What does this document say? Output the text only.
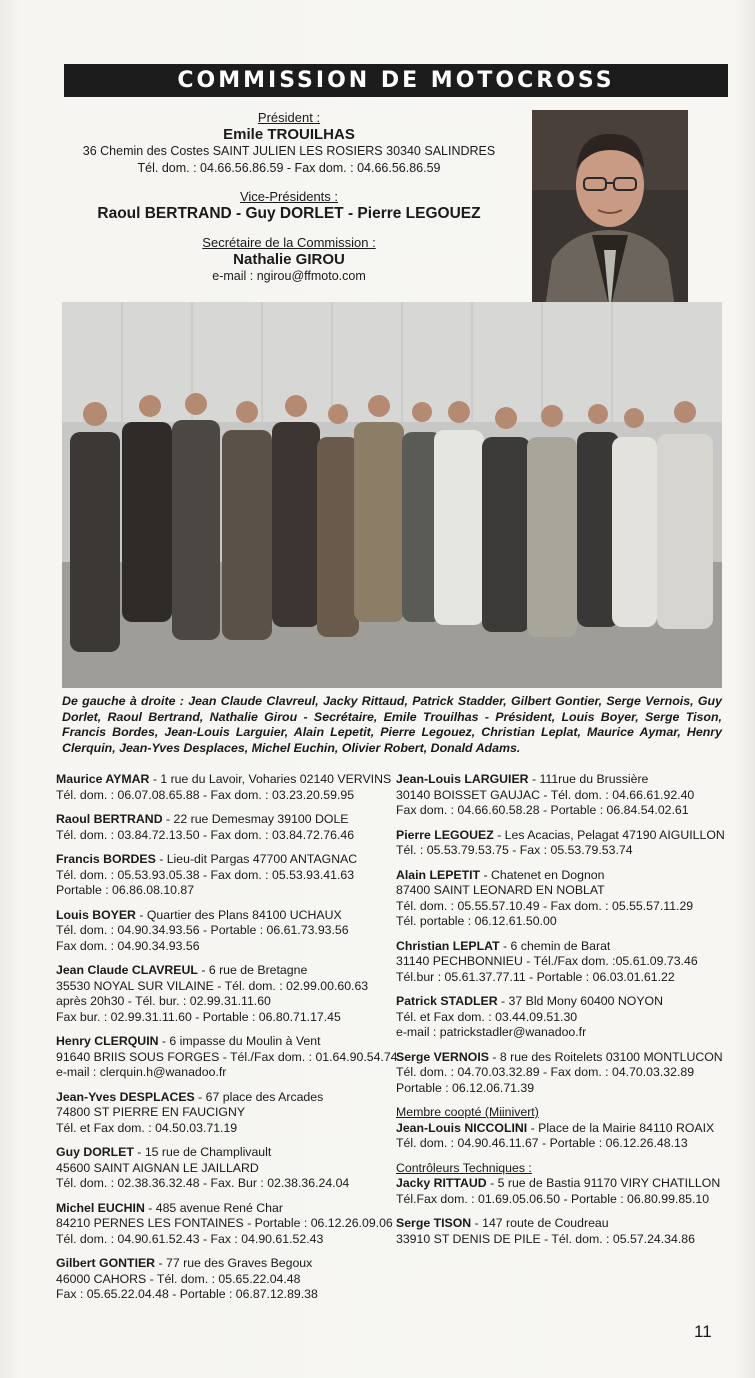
COMMISSION DE MOTOCROSS
Président :
Emile TROUILHAS
36 Chemin des Costes SAINT JULIEN LES ROSIERS 30340 SALINDRES
Tél. dom. : 04.66.56.86.59 - Fax dom. : 04.66.56.86.59
Vice-Présidents :
Raoul BERTRAND - Guy DORLET - Pierre LEGOUEZ
Secrétaire de la Commission :
Nathalie GIROU
e-mail : ngirou@ffmoto.com
De gauche à droite : Jean Claude Clavreul, Jacky Rittaud, Patrick Stadder, Gilbert Gontier, Serge Vernois, Guy Dorlet, Raoul Bertrand, Nathalie Girou - Secrétaire, Emile Trouilhas - Président, Louis Boyer, Serge Tison, Francis Bordes, Jean-Louis Larguier, Alain Lepetit, Pierre Legouez, Christian Leplat, Maurice Aymar, Henry Clerquin, Jean-Yves Desplaces, Michel Euchin, Olivier Robert, Donald Adams.
Maurice AYMAR - 1 rue du Lavoir, Voharies 02140 VERVINS
Tél. dom. : 06.07.08.65.88 - Fax dom. : 03.23.20.59.95
Raoul BERTRAND - 22 rue Demesmay 39100 DOLE
Tél. dom. : 03.84.72.13.50 - Fax dom. : 03.84.72.76.46
Francis BORDES - Lieu-dit Pargas 47700 ANTAGNAC
Tél. dom. : 05.53.93.05.38 - Fax dom. : 05.53.93.41.63
Portable : 06.86.08.10.87
Louis BOYER - Quartier des Plans 84100 UCHAUX
Tél. dom. : 04.90.34.93.56 - Portable : 06.61.73.93.56
Fax dom. : 04.90.34.93.56
Jean Claude CLAVREUL - 6 rue de Bretagne
35530 NOYAL SUR VILAINE - Tél. dom. : 02.99.00.60.63
après 20h30 - Tél. bur. : 02.99.31.11.60
Fax bur. : 02.99.31.11.60 - Portable : 06.80.71.17.45
Henry CLERQUIN - 6 impasse du Moulin à Vent
91640 BRIIS SOUS FORGES - Tél./Fax dom. : 01.64.90.54.74
e-mail : clerquin.h@wanadoo.fr
Jean-Yves DESPLACES - 67 place des Arcades
74800 ST PIERRE EN FAUCIGNY
Tél. et Fax dom. : 04.50.03.71.19
Guy DORLET - 15 rue de Champlivault
45600 SAINT AIGNAN LE JAILLARD
Tél. dom. : 02.38.36.32.48 - Fax. Bur : 02.38.36.24.04
Michel EUCHIN - 485 avenue René Char
84210 PERNES LES FONTAINES - Portable : 06.12.26.09.06
Tél. dom. : 04.90.61.52.43 - Fax : 04.90.61.52.43
Gilbert GONTIER - 77 rue des Graves Begoux
46000 CAHORS - Tél. dom. : 05.65.22.04.48
Fax : 05.65.22.04.48 - Portable : 06.87.12.89.38
Jean-Louis LARGUIER - 111rue du Brussière
30140 BOISSET GAUJAC - Tél. dom. : 04.66.61.92.40
Fax dom. : 04.66.60.58.28 - Portable : 06.84.54.02.61
Pierre LEGOUEZ - Les Acacias, Pelagat 47190 AIGUILLON
Tél. : 05.53.79.53.75 - Fax : 05.53.79.53.74
Alain LEPETIT - Chatenet en Dognon
87400 SAINT LEONARD EN NOBLAT
Tél. dom. : 05.55.57.10.49 - Fax dom. : 05.55.57.11.29
Tél. portable : 06.12.61.50.00
Christian LEPLAT - 6 chemin de Barat
31140 PECHBONNIEU - Tél./Fax dom. :05.61.09.73.46
Tél.bur : 05.61.37.77.11 - Portable : 06.03.01.61.22
Patrick STADLER - 37 Bld Mony 60400 NOYON
Tél. et Fax dom. : 03.44.09.51.30
e-mail : patrickstadler@wanadoo.fr
Serge VERNOIS - 8 rue des Roitelets 03100 MONTLUCON
Tél. dom. : 04.70.03.32.89 - Fax dom. : 04.70.03.32.89
Portable : 06.12.06.71.39
Membre coopté (Miinivert)
Jean-Louis NICCOLINI - Place de la Mairie 84110 ROAIX
Tél. dom. : 04.90.46.11.67 - Portable : 06.12.26.48.13
Contrôleurs Techniques :
Jacky RITTAUD - 5 rue de Bastia 91170 VIRY CHATILLON
Tél.Fax dom. : 01.69.05.06.50 - Portable : 06.80.99.85.10
Serge TISON - 147 route de Coudreau
33910 ST DENIS DE PILE - Tél. dom. : 05.57.24.34.86
11
